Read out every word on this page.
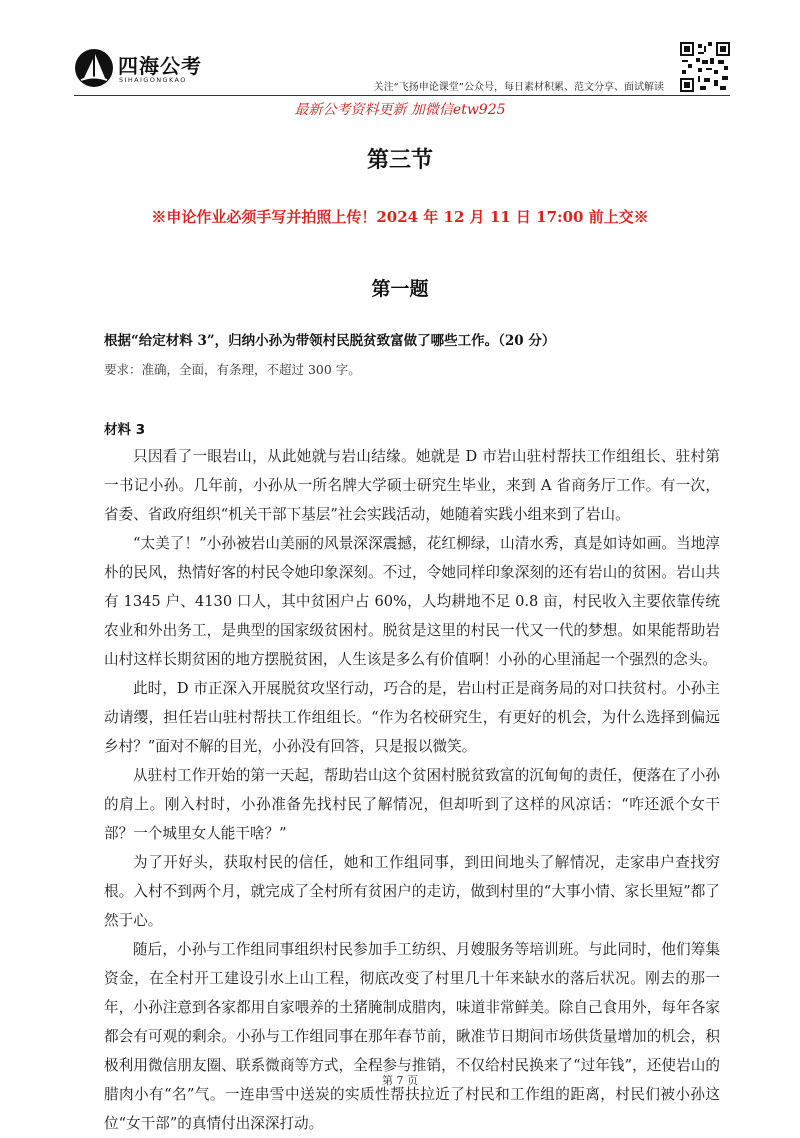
四海公考
SIHAIGONGKAO
关注“飞扬申论课堂”公众号，每日素材积累、范文分享、面试解读
最新公考资料更新 加微信etw925
第三节
※申论作业必须手写并拍照上传！2024 年 12 月 11 日 17:00 前上交※
第一题
根据“给定材料 3”，归纳小孙为带领村民脱贫致富做了哪些工作。（20 分）
要求：准确，全面，有条理，不超过 300 字。
材料 3

只因看了一眼岩山，从此她就与岩山结缘。她就是 D 市岩山驻村帮扶工作组组长、驻村第一书记小孙。几年前，小孙从一所名牌大学硕士研究生毕业，来到 A 省商务厅工作。有一次，省委、省政府组织“机关干部下基层”社会实践活动，她随着实践小组来到了岩山。

“太美了！”小孙被岩山美丽的风景深深震撼，花红柳绿，山清水秀，真是如诗如画。当地淳朴的民风，热情好客的村民令她印象深刻。不过，令她同样印象深刻的还有岩山的贫困。岩山共有 1345 户、4130 口人，其中贫困户占 60%，人均耕地不足 0.8 亩，村民收入主要依靠传统农业和外出务工，是典型的国家级贫困村。脱贫是这里的村民一代又一代的梦想。如果能帮助岩山村这样长期贫困的地方摆脱贫困，人生该是多么有价值啊！小孙的心里涌起一个强烈的念头。

此时，D 市正深入开展脱贫攻坚行动，巧合的是，岩山村正是商务局的对口扶贫村。小孙主动请缨，担任岩山驻村帮扶工作组组长。“作为名校研究生，有更好的机会，为什么选择到偏远乡村？”面对不解的目光，小孙没有回答，只是报以微笑。

从驻村工作开始的第一天起，帮助岩山这个贫困村脱贫致富的沉甸甸的责任，便落在了小孙的肩上。刚入村时，小孙准备先找村民了解情况，但却听到了这样的风凉话：“咋还派个女干部？一个城里女人能干啥？”

为了开好头，获取村民的信任，她和工作组同事，到田间地头了解情况，走家串户查找穷根。入村不到两个月，就完成了全村所有贫困户的走访，做到村里的“大事小情、家长里短”都了然于心。

随后，小孙与工作组同事组织村民参加手工纺织、月嫂服务等培训班。与此同时，他们筹集资金，在全村开工建设引水上山工程，彻底改变了村里几十年来缺水的落后状况。刚去的那一年，小孙注意到各家都用自家喂养的土猪腌制成腊肉，味道非常鲜美。除自己食用外，每年各家都会有可观的剩余。小孙与工作组同事在那年春节前，瞅准节日期间市场供货量增加的机会，积极利用微信朋友圈、联系微商等方式，全程参与推销，不仅给村民换来了“过年钱”，还使岩山的腊肉小有“名”气。一连串雪中送炭的实质性帮扶拉近了村民和工作组的距离，村民们被小孙这位“女干部”的真情付出深深打动。

第 7 页
